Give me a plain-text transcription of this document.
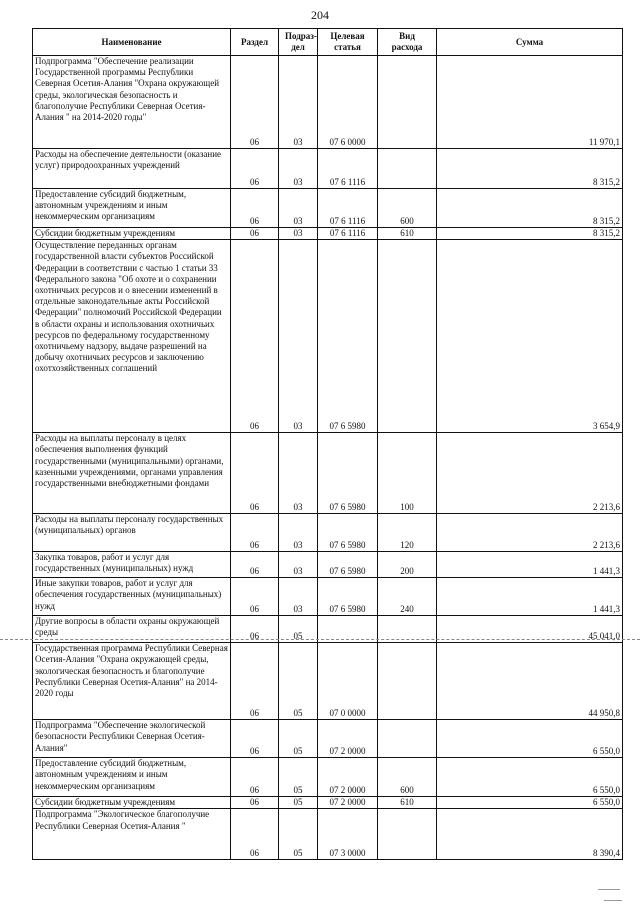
204
Наименование	Раздел	Подраз-дел	Целевая статья	Вид расхода	Сумма
Подпрограмма "Обеспечение реализации Государственной программы Республики Северная Осетия-Алания "Охрана окружающей среды, экологическая безопасность и благополучие Республики Северная Осетия-Алания " на 2014-2020 годы"	06	03	07 6 0000		11 970,1
Расходы на обеспечение деятельности (оказание услуг) природоохранных учреждений	06	03	07 6 1116		8 315,2
Предоставление субсидий бюджетным, автономным учреждениям и иным некоммерческим организациям	06	03	07 6 1116	600	8 315,2
Субсидии бюджетным учреждениям	06	03	07 6 1116	610	8 315,2
Осуществление переданных органам государственной власти субъектов Российской Федерации в соответствии с частью 1 статьи 33 Федерального закона "Об охоте и о сохранении охотничьих ресурсов и о внесении изменений в отдельные законодательные акты Российской Федерации" полномочий Российской Федерации в области охраны и использования охотничьих ресурсов по федеральному государственному охотничьему надзору, выдаче разрешений на добычу охотничьих ресурсов и заключению охотхозяйственных соглашений	06	03	07 6 5980		3 654,9
Расходы на выплаты персоналу в целях обеспечения выполнения функций государственными (муниципальными) органами, казенными учреждениями, органами управления государственными внебюджетными фондами	06	03	07 6 5980	100	2 213,6
Расходы на выплаты персоналу государственных (муниципальных) органов	06	03	07 6 5980	120	2 213,6
Закупка товаров, работ и услуг для государственных (муниципальных) нужд	06	03	07 6 5980	200	1 441,3
Иные закупки товаров, работ и услуг для обеспечения государственных (муниципальных) нужд	06	03	07 6 5980	240	1 441,3
Другие вопросы в области охраны окружающей среды	06	05			45 041,0
Государственная программа Республики Северная Осетия-Алания "Охрана окружающей среды, экологическая безопасность и благополучие Республики Северная Осетия-Алания" на 2014-2020 годы	06	05	07 0 0000		44 950,8
Подпрограмма "Обеспечение экологической безопасности Республики Северная Осетия-Алания"	06	05	07 2 0000		6 550,0
Предоставление субсидий бюджетным, автономным учреждениям и иным некоммерческим организациям	06	05	07 2 0000	600	6 550,0
Субсидии бюджетным учреждениям	06	05	07 2 0000	610	6 550,0
Подпрограмма "Экологическое благополучие Республики Северная Осетия-Алания "	06	05	07 3 0000		8 390,4
